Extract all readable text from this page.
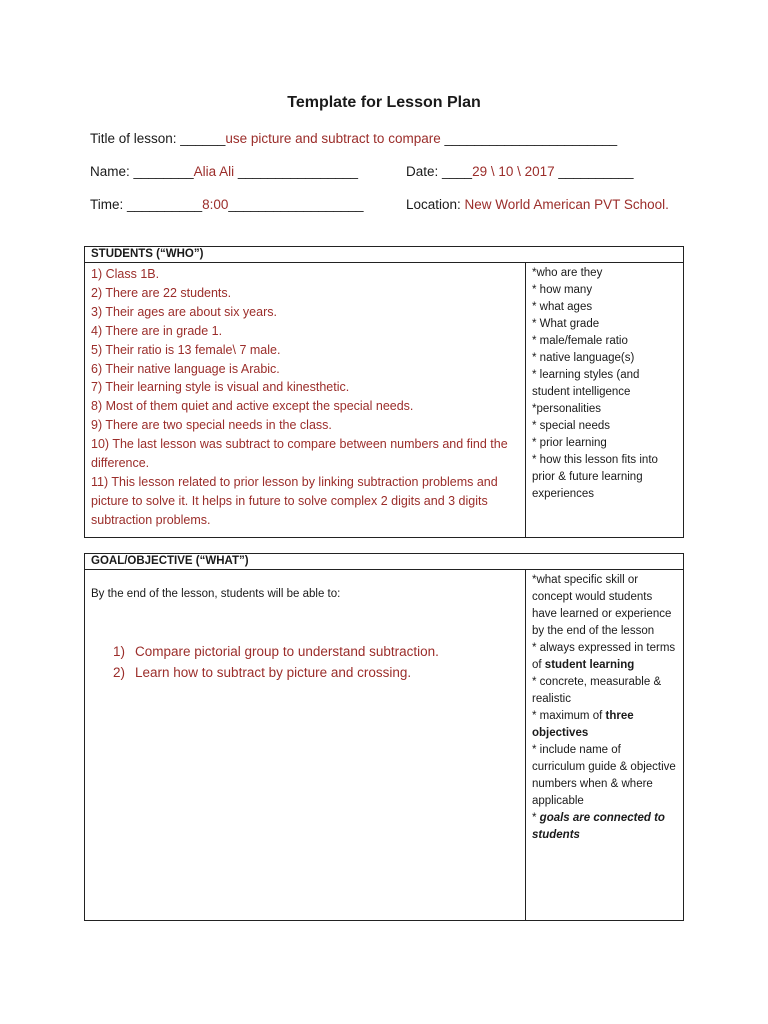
Template for Lesson Plan
Title of lesson: ______use picture and subtract to compare _______________________
Name: ________Alia Ali ________________	Date: ____29 \ 10 \ 2017 __________
Time: __________8:00__________________	Location: New World American PVT School.
STUDENTS (“WHO”)
1) Class 1B.
2) There are 22 students.
3) Their ages are about six years.
4) There are in grade 1.
5) Their ratio is 13 female\ 7 male.
6) Their native language is Arabic.
7) Their learning style is visual and kinesthetic.
8) Most of them quiet and active except the special needs.
9) There are two special needs in the class.
10) The last lesson was subtract to compare between numbers and find the difference.
11) This lesson related to prior lesson by linking subtraction problems and picture to solve it. It helps in future to solve complex 2 digits and 3 digits subtraction problems.
*who are they
* how many
* what ages
* What grade
* male/female ratio
* native language(s)
* learning styles (and student intelligence
*personalities
* special needs
* prior learning
* how this lesson fits into prior & future learning experiences
GOAL/OBJECTIVE (“WHAT”)
By the end of the lesson, students will be able to:
1) Compare pictorial group to understand subtraction.
2) Learn how to subtract by picture and crossing.
*what specific skill or concept would students have learned or experience by the end of the lesson
* always expressed in terms of student learning
* concrete, measurable & realistic
* maximum of three objectives
* include name of curriculum guide & objective numbers when & where applicable
* goals are connected to students
